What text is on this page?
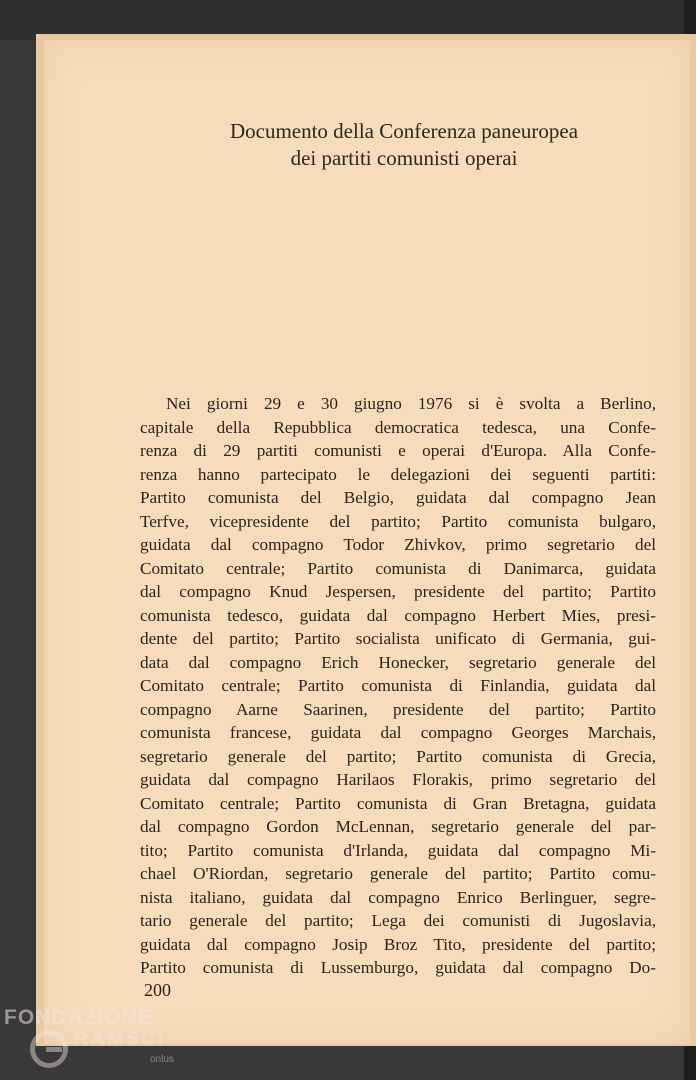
Documento della Conferenza paneuropea
dei partiti comunisti operai
Nei giorni 29 e 30 giugno 1976 si è svolta a Berlino,
capitale della Repubblica democratica tedesca, una Confe-
renza di 29 partiti comunisti e operai d'Europa. Alla Confe-
renza hanno partecipato le delegazioni dei seguenti partiti:
Partito comunista del Belgio, guidata dal compagno Jean
Terfve, vicepresidente del partito; Partito comunista bulgaro,
guidata dal compagno Todor Zhivkov, primo segretario del
Comitato centrale; Partito comunista di Danimarca, guidata
dal compagno Knud Jespersen, presidente del partito; Partito
comunista tedesco, guidata dal compagno Herbert Mies, presi-
dente del partito; Partito socialista unificato di Germania, gui-
data dal compagno Erich Honecker, segretario generale del
Comitato centrale; Partito comunista di Finlandia, guidata dal
compagno Aarne Saarinen, presidente del partito; Partito
comunista francese, guidata dal compagno Georges Marchais,
segretario generale del partito; Partito comunista di Grecia,
guidata dal compagno Harilaos Florakis, primo segretario del
Comitato centrale; Partito comunista di Gran Bretagna, guidata
dal compagno Gordon McLennan, segretario generale del par-
tito; Partito comunista d'Irlanda, guidata dal compagno Mi-
chael O'Riordan, segretario generale del partito; Partito comu-
nista italiano, guidata dal compagno Enrico Berlinguer, segre-
tario generale del partito; Lega dei comunisti di Jugoslavia,
guidata dal compagno Josip Broz Tito, presidente del partito;
Partito comunista di Lussemburgo, guidata dal compagno Do-
200
FONDAZIONE
RAMSCI
onlus
